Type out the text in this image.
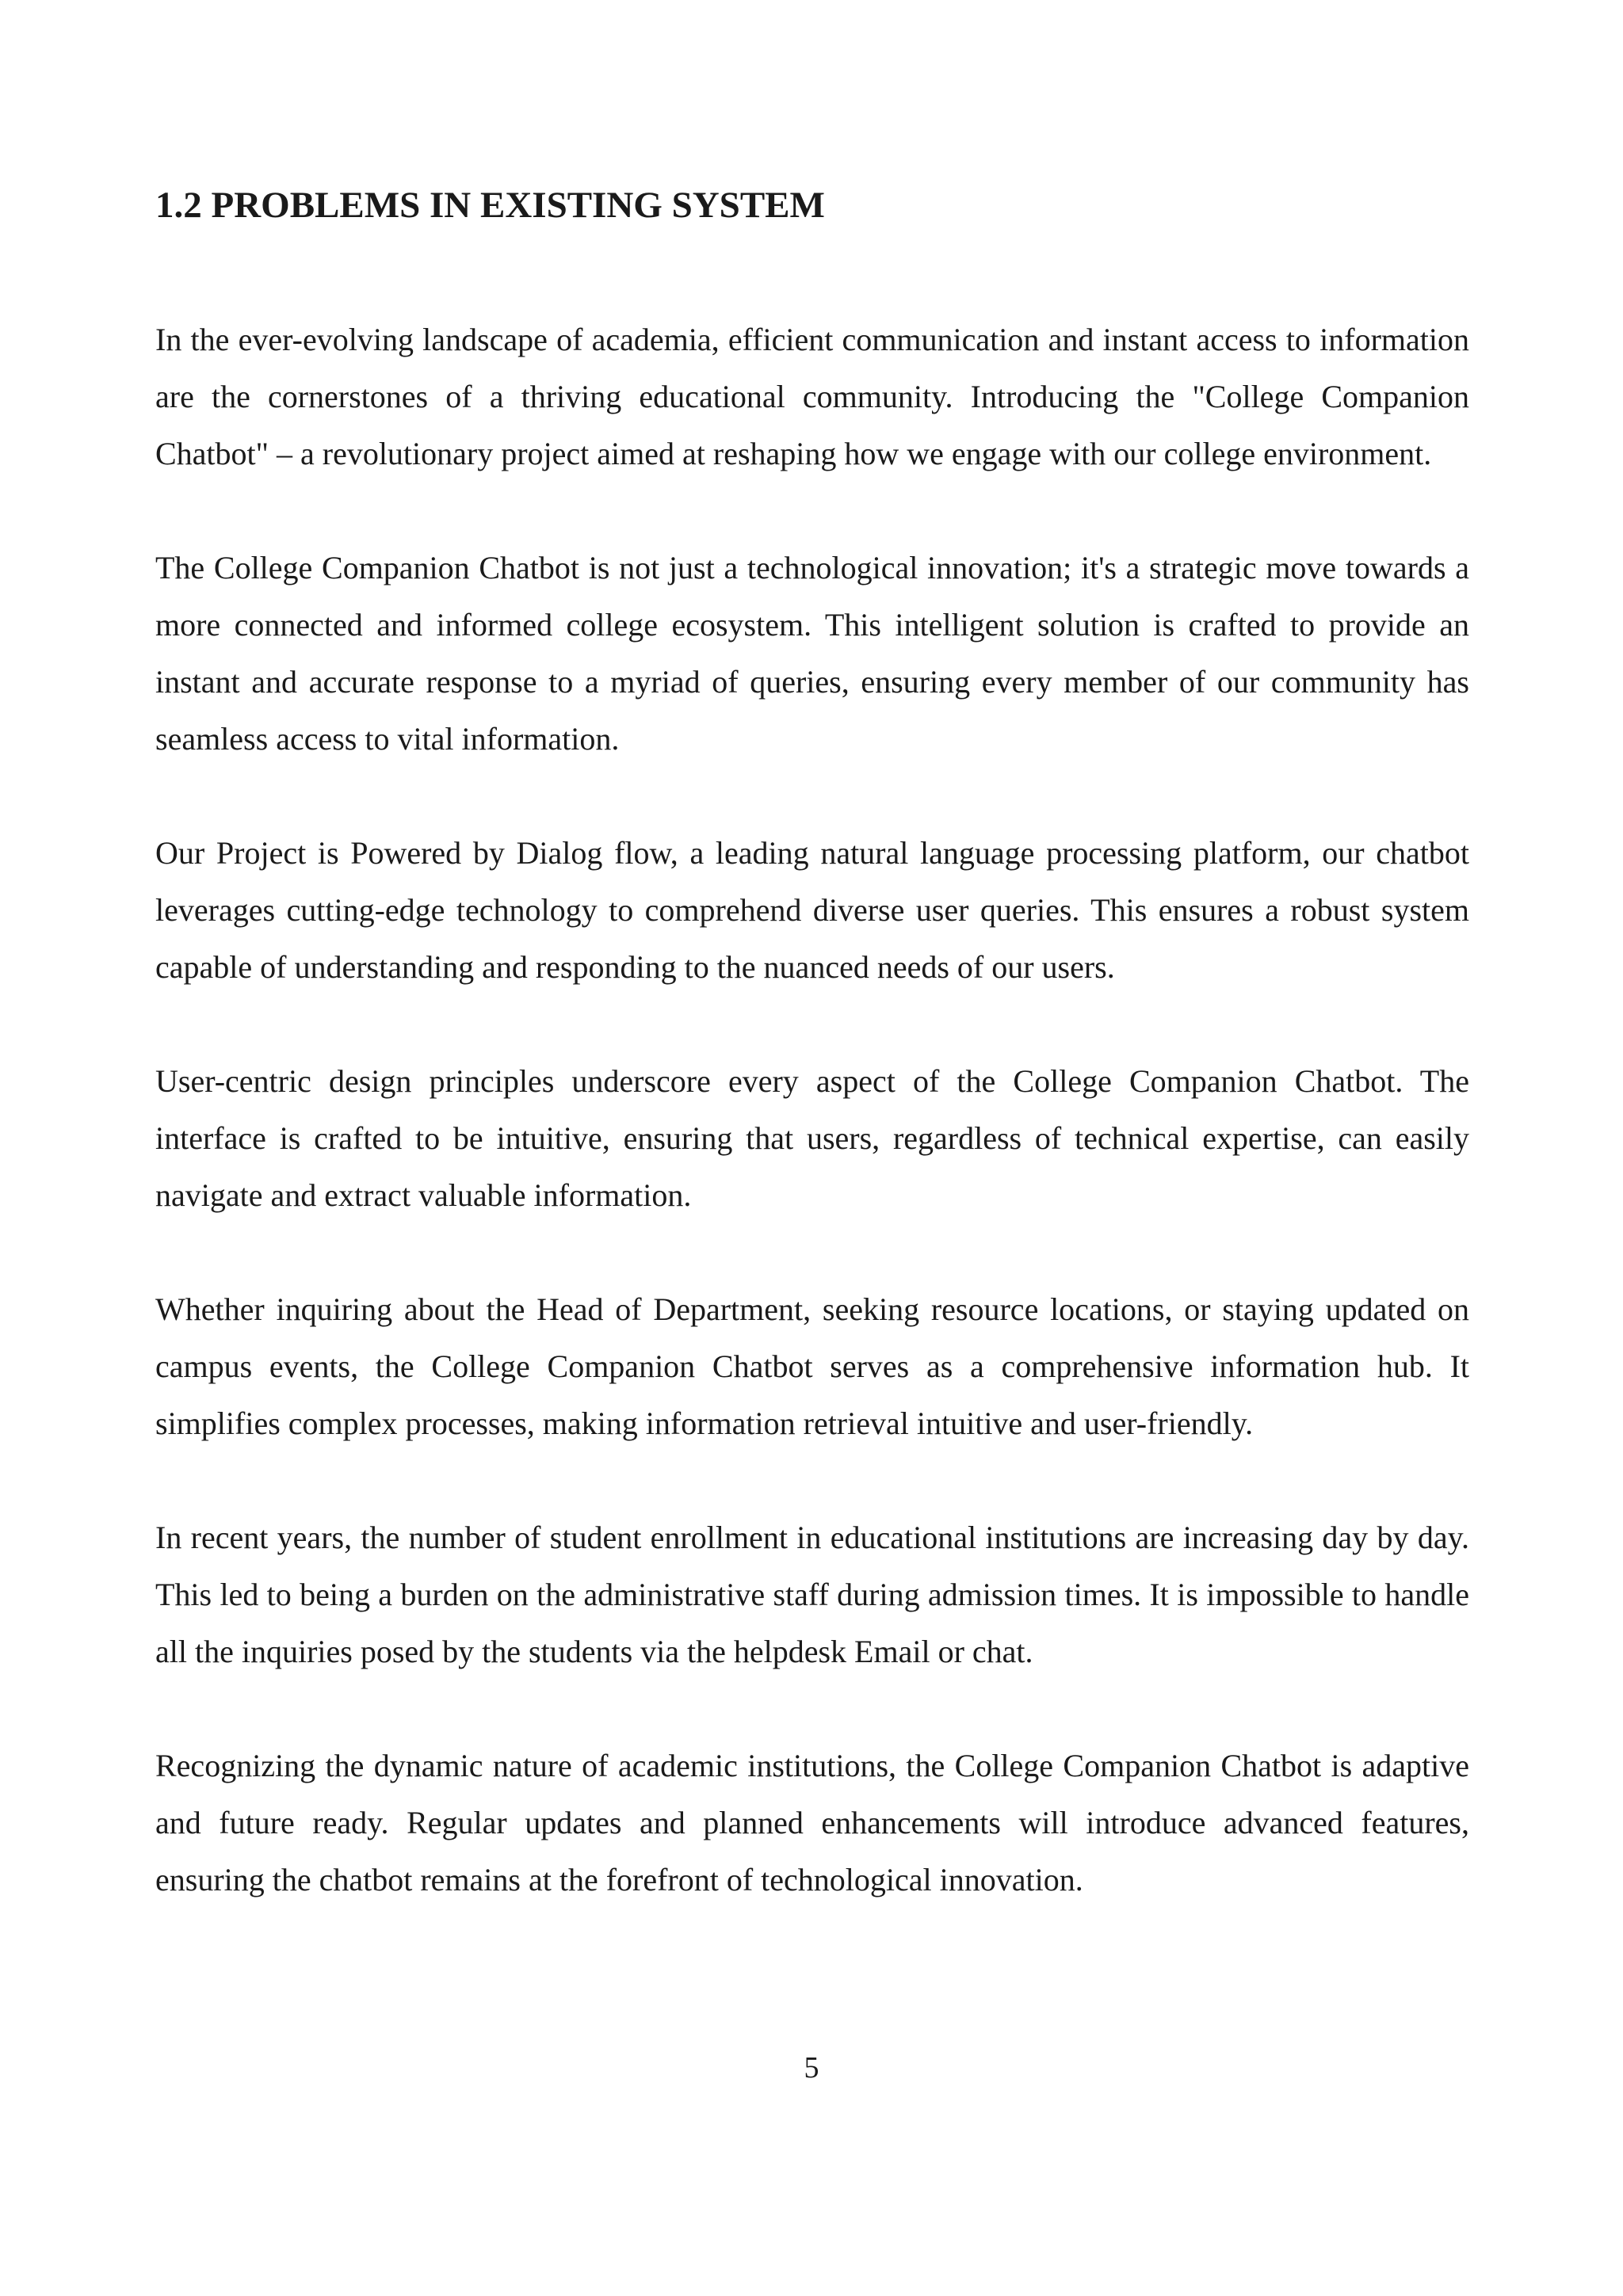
1.2 PROBLEMS IN EXISTING SYSTEM

In the ever-evolving landscape of academia, efficient communication and instant access to information are the cornerstones of a thriving educational community. Introducing the "College Companion Chatbot" – a revolutionary project aimed at reshaping how we engage with our college environment.

The College Companion Chatbot is not just a technological innovation; it's a strategic move towards a more connected and informed college ecosystem. This intelligent solution is crafted to provide an instant and accurate response to a myriad of queries, ensuring every member of our community has seamless access to vital information.

Our Project is Powered by Dialog flow, a leading natural language processing platform, our chatbot leverages cutting-edge technology to comprehend diverse user queries. This ensures a robust system capable of understanding and responding to the nuanced needs of our users.

User-centric design principles underscore every aspect of the College Companion Chatbot. The interface is crafted to be intuitive, ensuring that users, regardless of technical expertise, can easily navigate and extract valuable information.

Whether inquiring about the Head of Department, seeking resource locations, or staying updated on campus events, the College Companion Chatbot serves as a comprehensive information hub. It simplifies complex processes, making information retrieval intuitive and user-friendly.

In recent years, the number of student enrollment in educational institutions are increasing day by day. This led to being a burden on the administrative staff during admission times. It is impossible to handle all the inquiries posed by the students via the helpdesk Email or chat.

Recognizing the dynamic nature of academic institutions, the College Companion Chatbot is adaptive and future ready. Regular updates and planned enhancements will introduce advanced features, ensuring the chatbot remains at the forefront of technological innovation.

5
